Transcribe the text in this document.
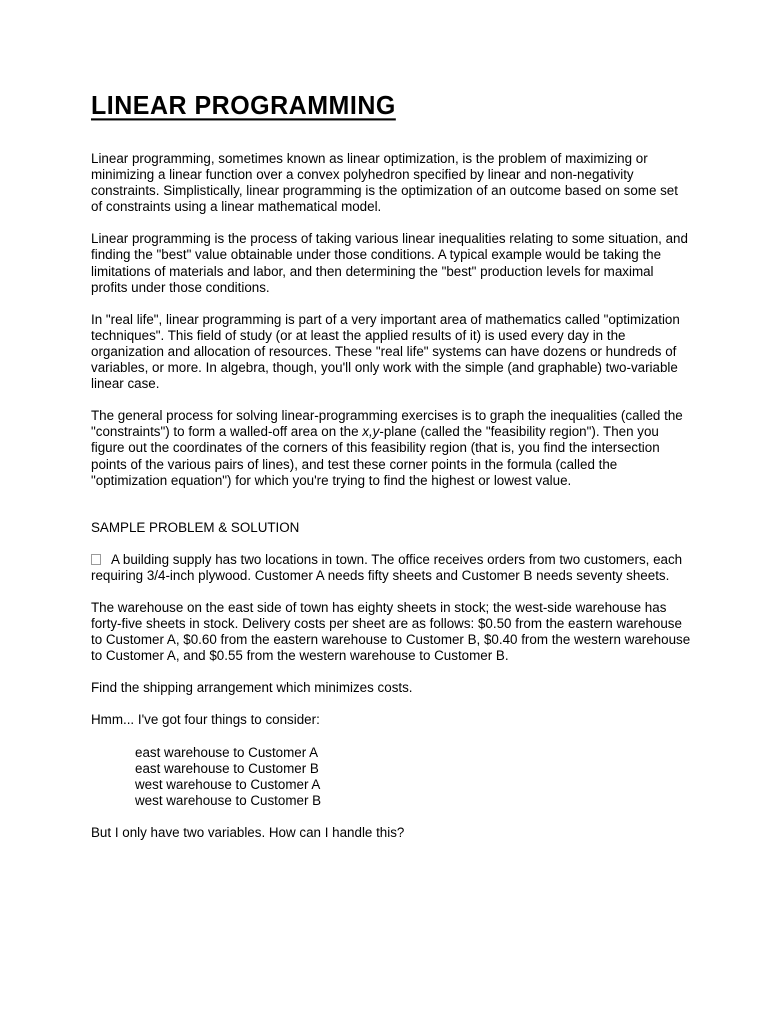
LINEAR PROGRAMMING

Linear programming, sometimes known as linear optimization, is the problem of maximizing or minimizing a linear function over a convex polyhedron specified by linear and non-negativity constraints. Simplistically, linear programming is the optimization of an outcome based on some set of constraints using a linear mathematical model.

Linear programming is the process of taking various linear inequalities relating to some situation, and finding the "best" value obtainable under those conditions. A typical example would be taking the limitations of materials and labor, and then determining the "best" production levels for maximal profits under those conditions.

In "real life", linear programming is part of a very important area of mathematics called "optimization techniques". This field of study (or at least the applied results of it) is used every day in the organization and allocation of resources. These "real life" systems can have dozens or hundreds of variables, or more. In algebra, though, you'll only work with the simple (and graphable) two-variable linear case.

The general process for solving linear-programming exercises is to graph the inequalities (called the "constraints") to form a walled-off area on the x,y-plane (called the "feasibility region"). Then you figure out the coordinates of the corners of this feasibility region (that is, you find the intersection points of the various pairs of lines), and test these corner points in the formula (called the "optimization equation") for which you're trying to find the highest or lowest value.

SAMPLE PROBLEM & SOLUTION

A building supply has two locations in town. The office receives orders from two customers, each requiring 3/4-inch plywood. Customer A needs fifty sheets and Customer B needs seventy sheets.

The warehouse on the east side of town has eighty sheets in stock; the west-side warehouse has forty-five sheets in stock. Delivery costs per sheet are as follows: $0.50 from the eastern warehouse to Customer A, $0.60 from the eastern warehouse to Customer B, $0.40 from the western warehouse to Customer A, and $0.55 from the western warehouse to Customer B.

Find the shipping arrangement which minimizes costs.

Hmm... I've got four things to consider:

east warehouse to Customer A
east warehouse to Customer B
west warehouse to Customer A
west warehouse to Customer B

But I only have two variables. How can I handle this?
